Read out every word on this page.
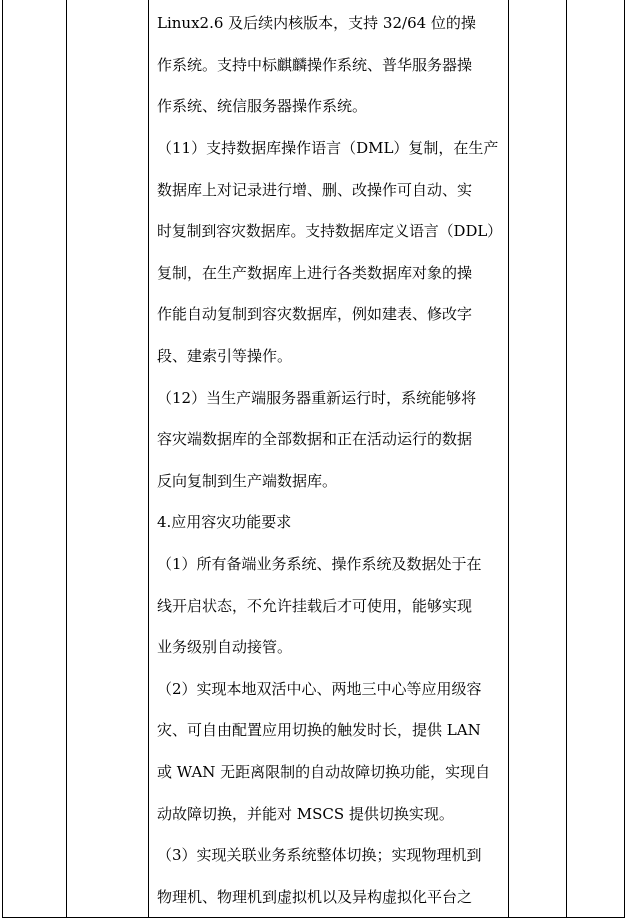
Linux2.6 及后续内核版本，支持 32/64 位的操
作系统。支持中标麒麟操作系统、普华服务器操
作系统、统信服务器操作系统。
（11）支持数据库操作语言（DML）复制，在生产
数据库上对记录进行增、删、改操作可自动、实
时复制到容灾数据库。支持数据库定义语言（DDL）
复制，在生产数据库上进行各类数据库对象的操
作能自动复制到容灾数据库，例如建表、修改字
段、建索引等操作。
（12）当生产端服务器重新运行时，系统能够将
容灾端数据库的全部数据和正在活动运行的数据
反向复制到生产端数据库。
4.应用容灾功能要求
（1）所有备端业务系统、操作系统及数据处于在
线开启状态，不允许挂载后才可使用，能够实现
业务级别自动接管。
（2）实现本地双活中心、两地三中心等应用级容
灾、可自由配置应用切换的触发时长，提供 LAN
或 WAN 无距离限制的自动故障切换功能，实现自
动故障切换，并能对 MSCS 提供切换实现。
（3）实现关联业务系统整体切换；实现物理机到
物理机、物理机到虚拟机以及异构虚拟化平台之
